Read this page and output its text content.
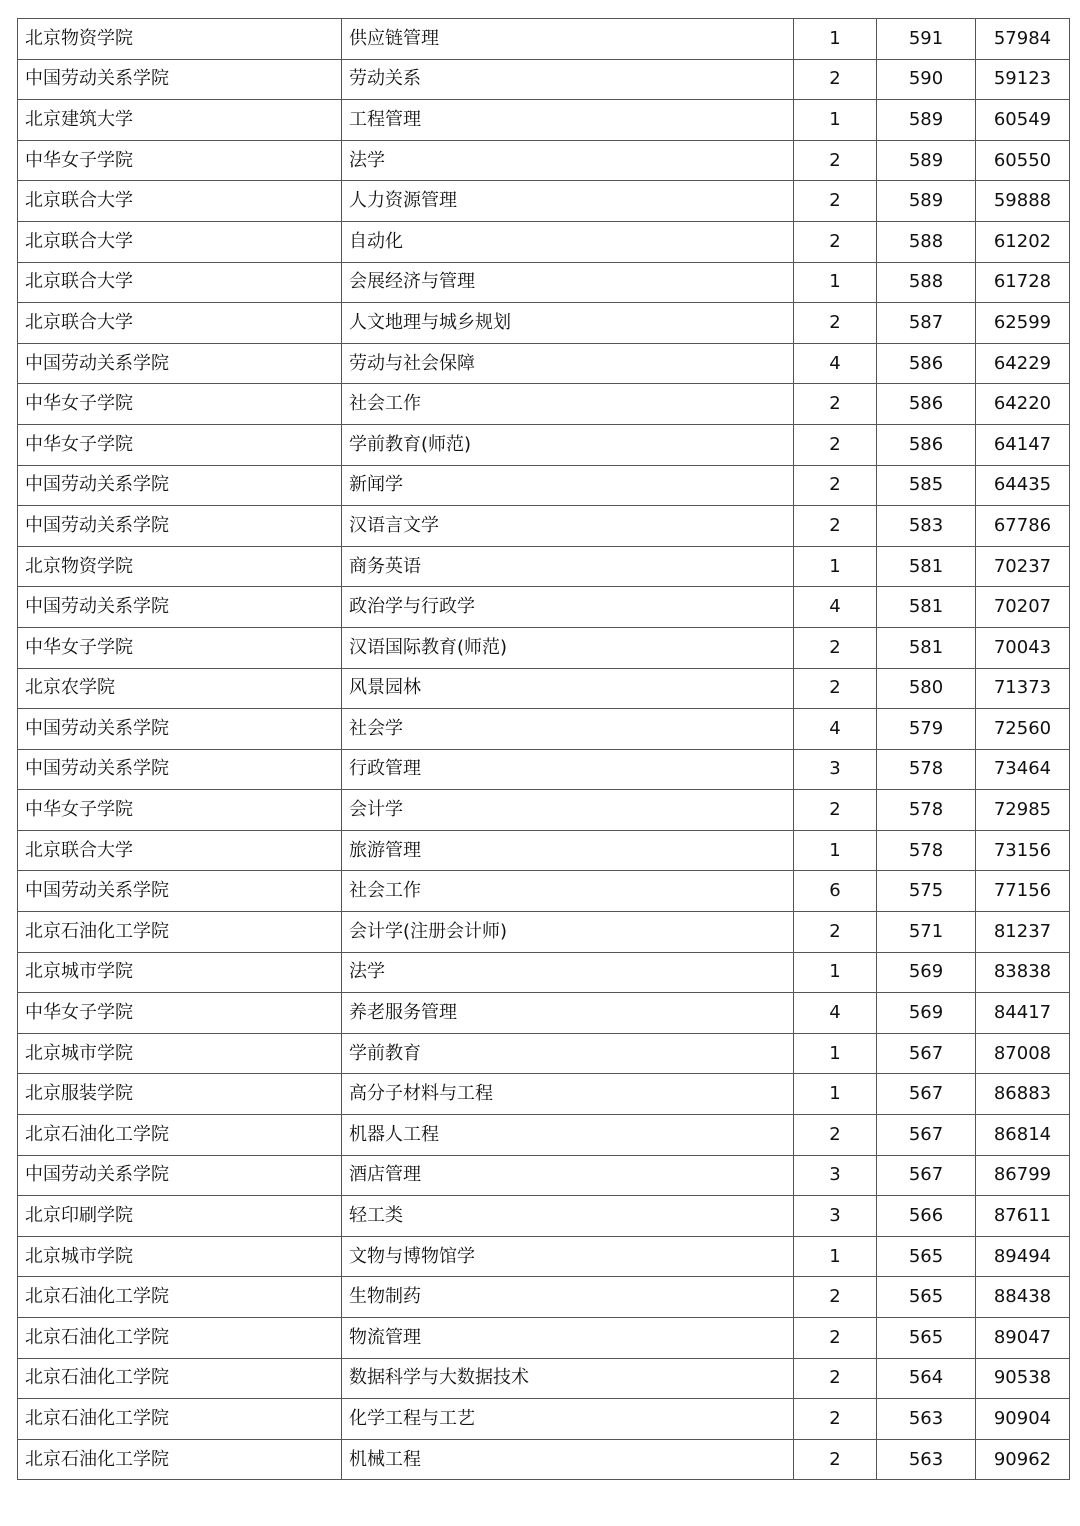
北京物资学院	供应链管理	1	591	57984
中国劳动关系学院	劳动关系	2	590	59123
北京建筑大学	工程管理	1	589	60549
中华女子学院	法学	2	589	60550
北京联合大学	人力资源管理	2	589	59888
北京联合大学	自动化	2	588	61202
北京联合大学	会展经济与管理	1	588	61728
北京联合大学	人文地理与城乡规划	2	587	62599
中国劳动关系学院	劳动与社会保障	4	586	64229
中华女子学院	社会工作	2	586	64220
中华女子学院	学前教育(师范)	2	586	64147
中国劳动关系学院	新闻学	2	585	64435
中国劳动关系学院	汉语言文学	2	583	67786
北京物资学院	商务英语	1	581	70237
中国劳动关系学院	政治学与行政学	4	581	70207
中华女子学院	汉语国际教育(师范)	2	581	70043
北京农学院	风景园林	2	580	71373
中国劳动关系学院	社会学	4	579	72560
中国劳动关系学院	行政管理	3	578	73464
中华女子学院	会计学	2	578	72985
北京联合大学	旅游管理	1	578	73156
中国劳动关系学院	社会工作	6	575	77156
北京石油化工学院	会计学(注册会计师)	2	571	81237
北京城市学院	法学	1	569	83838
中华女子学院	养老服务管理	4	569	84417
北京城市学院	学前教育	1	567	87008
北京服装学院	高分子材料与工程	1	567	86883
北京石油化工学院	机器人工程	2	567	86814
中国劳动关系学院	酒店管理	3	567	86799
北京印刷学院	轻工类	3	566	87611
北京城市学院	文物与博物馆学	1	565	89494
北京石油化工学院	生物制药	2	565	88438
北京石油化工学院	物流管理	2	565	89047
北京石油化工学院	数据科学与大数据技术	2	564	90538
北京石油化工学院	化学工程与工艺	2	563	90904
北京石油化工学院	机械工程	2	563	90962
